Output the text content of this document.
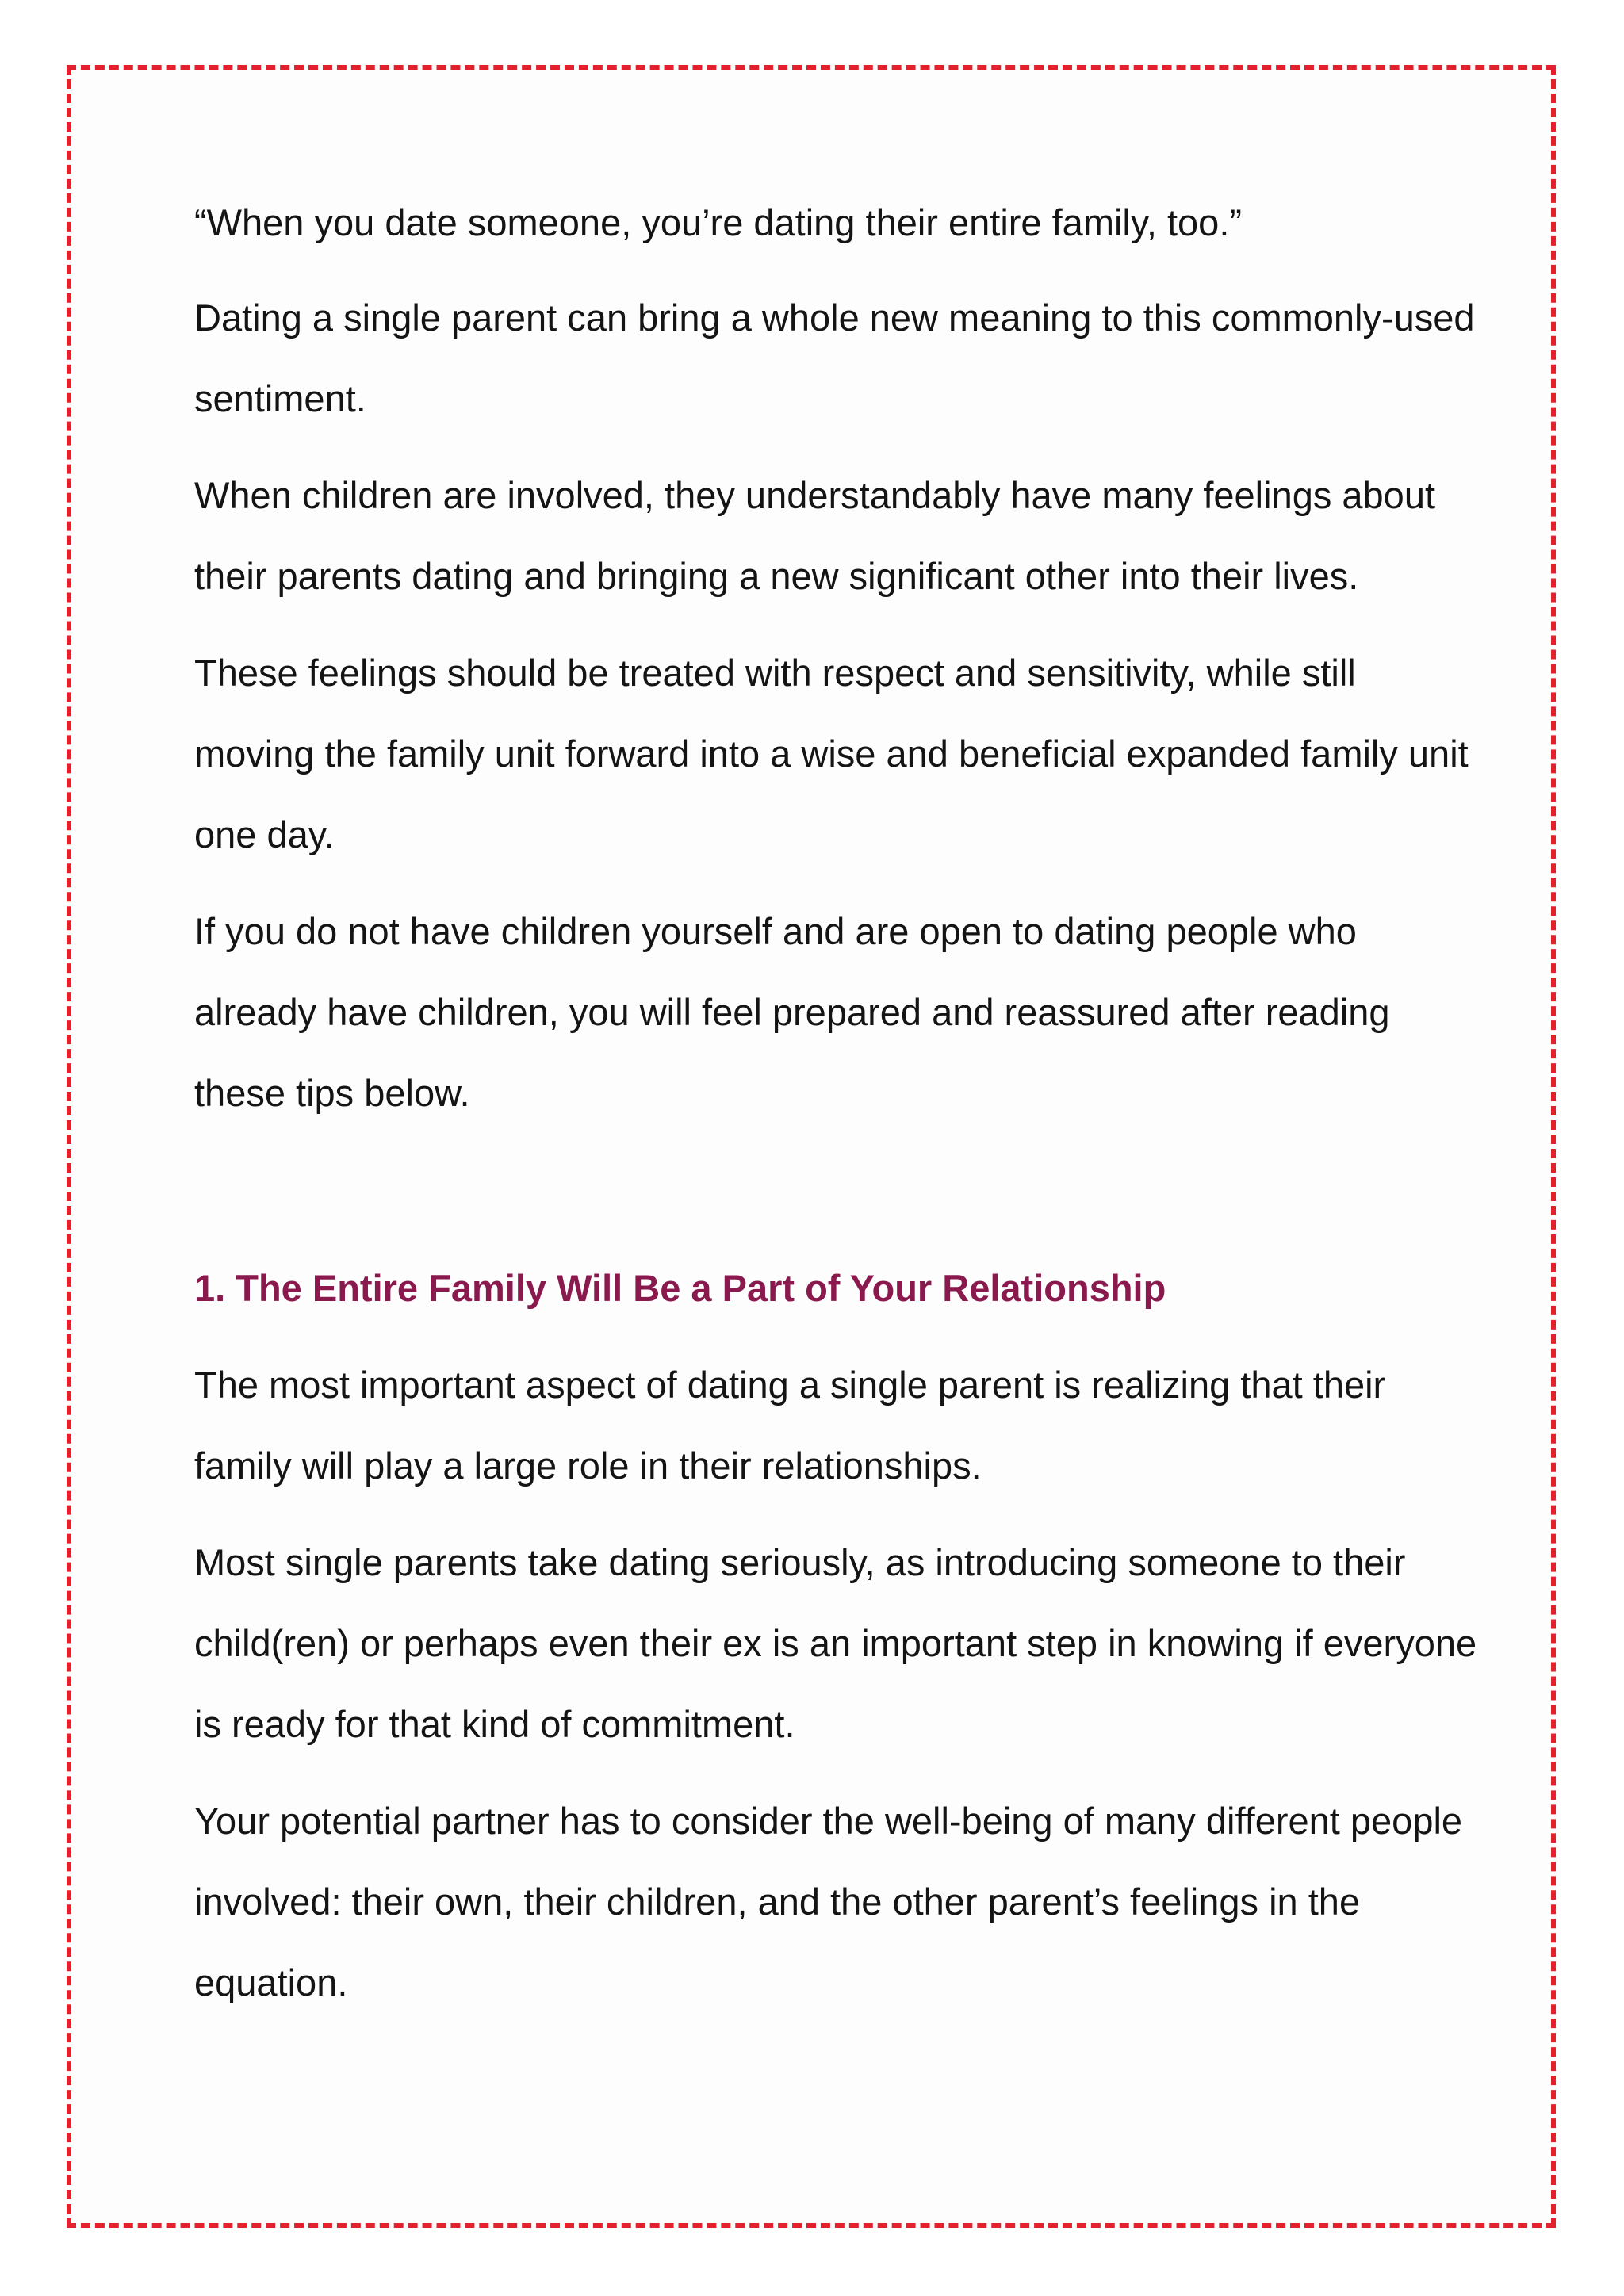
“When you date someone, you’re dating their entire family, too.”

Dating a single parent can bring a whole new meaning to this commonly-used sentiment.

When children are involved, they understandably have many feelings about their parents dating and bringing a new significant other into their lives.

These feelings should be treated with respect and sensitivity, while still moving the family unit forward into a wise and beneficial expanded family unit one day.

If you do not have children yourself and are open to dating people who already have children, you will feel prepared and reassured after reading these tips below.

1. The Entire Family Will Be a Part of Your Relationship

The most important aspect of dating a single parent is realizing that their family will play a large role in their relationships.

Most single parents take dating seriously, as introducing someone to their child(ren) or perhaps even their ex is an important step in knowing if everyone is ready for that kind of commitment.

Your potential partner has to consider the well-being of many different people involved: their own, their children, and the other parent’s feelings in the equation.
